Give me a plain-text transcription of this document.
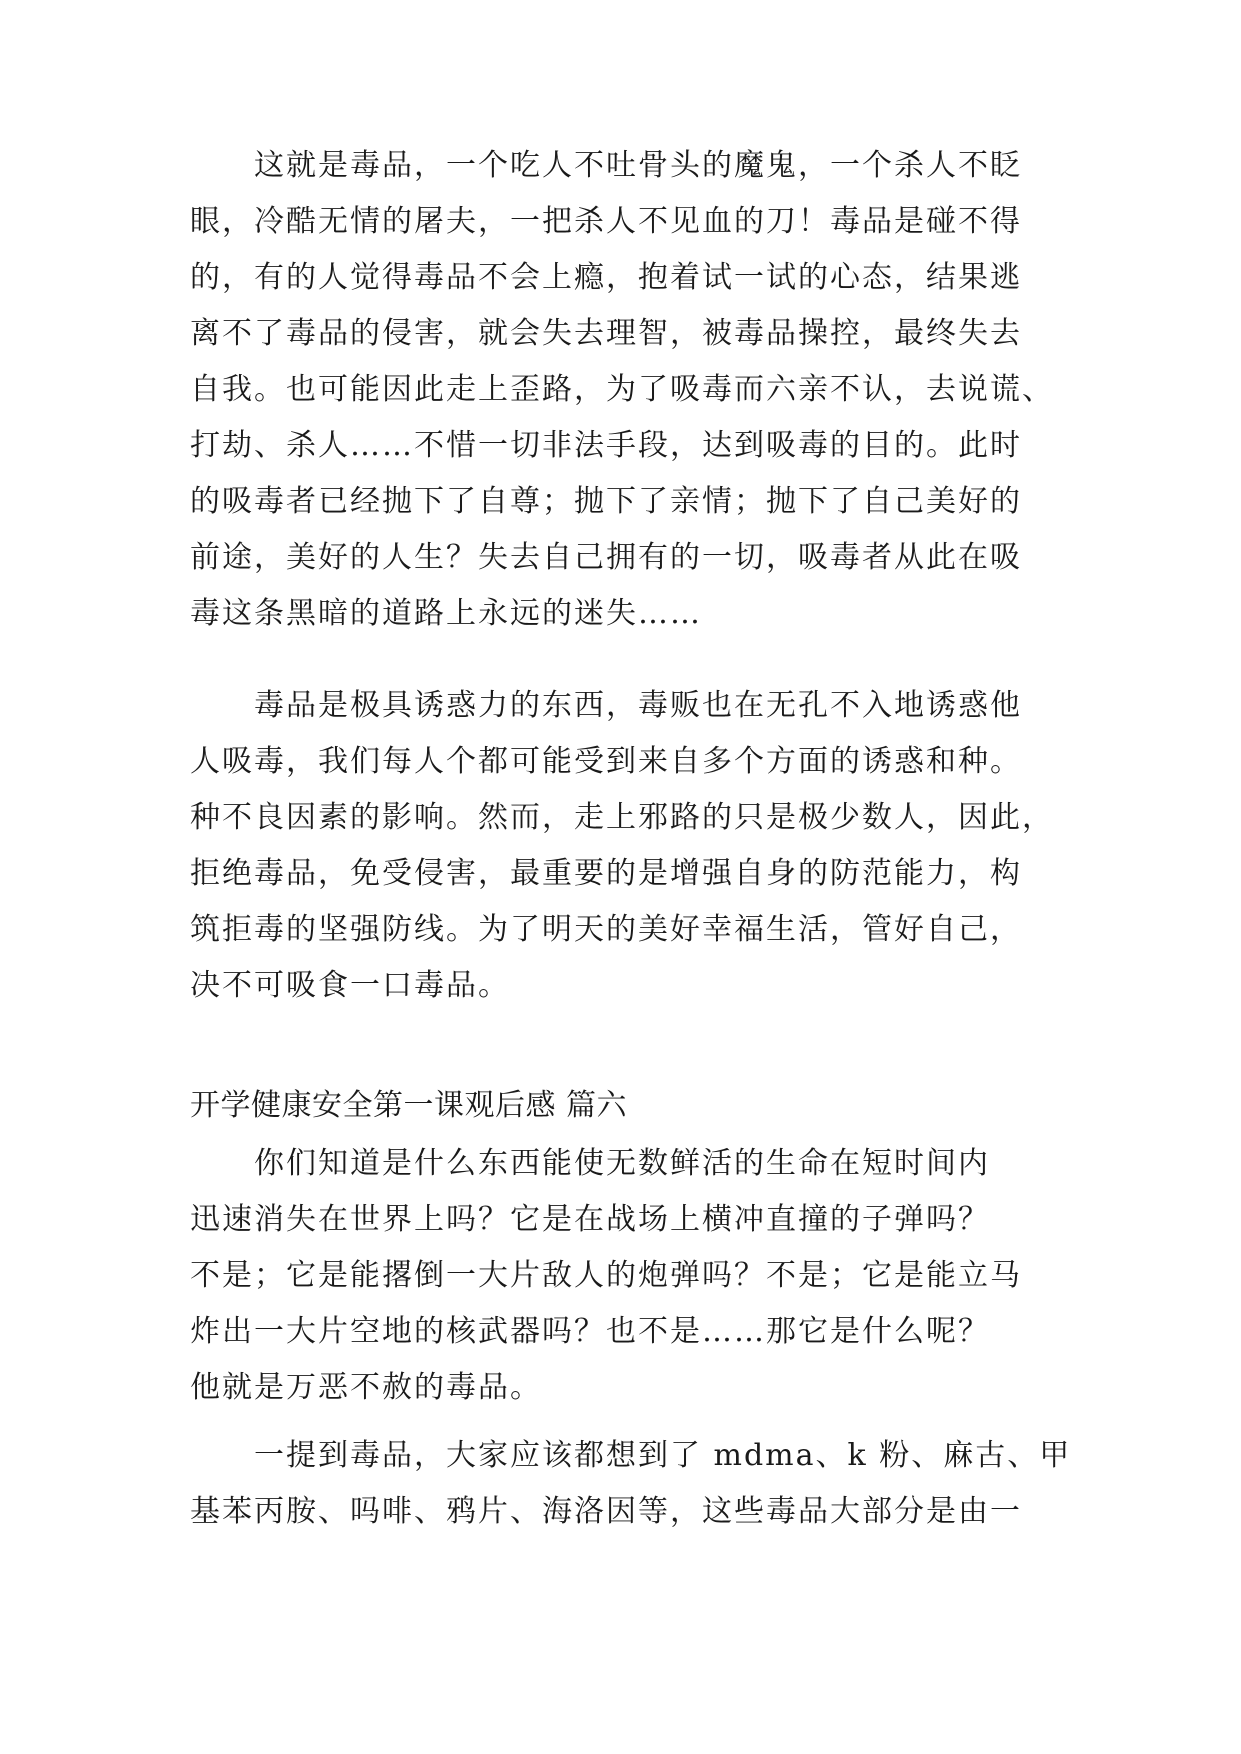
这就是毒品，一个吃人不吐骨头的魔鬼，一个杀人不眨
眼，冷酷无情的屠夫，一把杀人不见血的刀！毒品是碰不得
的，有的人觉得毒品不会上瘾，抱着试一试的心态，结果逃
离不了毒品的侵害，就会失去理智，被毒品操控，最终失去
自我。也可能因此走上歪路，为了吸毒而六亲不认，去说谎、
打劫、杀人……不惜一切非法手段，达到吸毒的目的。此时
的吸毒者已经抛下了自尊；抛下了亲情；抛下了自己美好的
前途，美好的人生？失去自己拥有的一切，吸毒者从此在吸
毒这条黑暗的道路上永远的迷失……
毒品是极具诱惑力的东西，毒贩也在无孔不入地诱惑他
人吸毒，我们每人个都可能受到来自多个方面的诱惑和种。
种不良因素的影响。然而，走上邪路的只是极少数人，因此，
拒绝毒品，免受侵害，最重要的是增强自身的防范能力，构
筑拒毒的坚强防线。为了明天的美好幸福生活，管好自己，
决不可吸食一口毒品。
开学健康安全第一课观后感 篇六
你们知道是什么东西能使无数鲜活的生命在短时间内
迅速消失在世界上吗？它是在战场上横冲直撞的子弹吗？
不是；它是能撂倒一大片敌人的炮弹吗？不是；它是能立马
炸出一大片空地的核武器吗？也不是……那它是什么呢？
他就是万恶不赦的毒品。
一提到毒品，大家应该都想到了 mdma、k 粉、麻古、甲
基苯丙胺、吗啡、鸦片、海洛因等，这些毒品大部分是由一
